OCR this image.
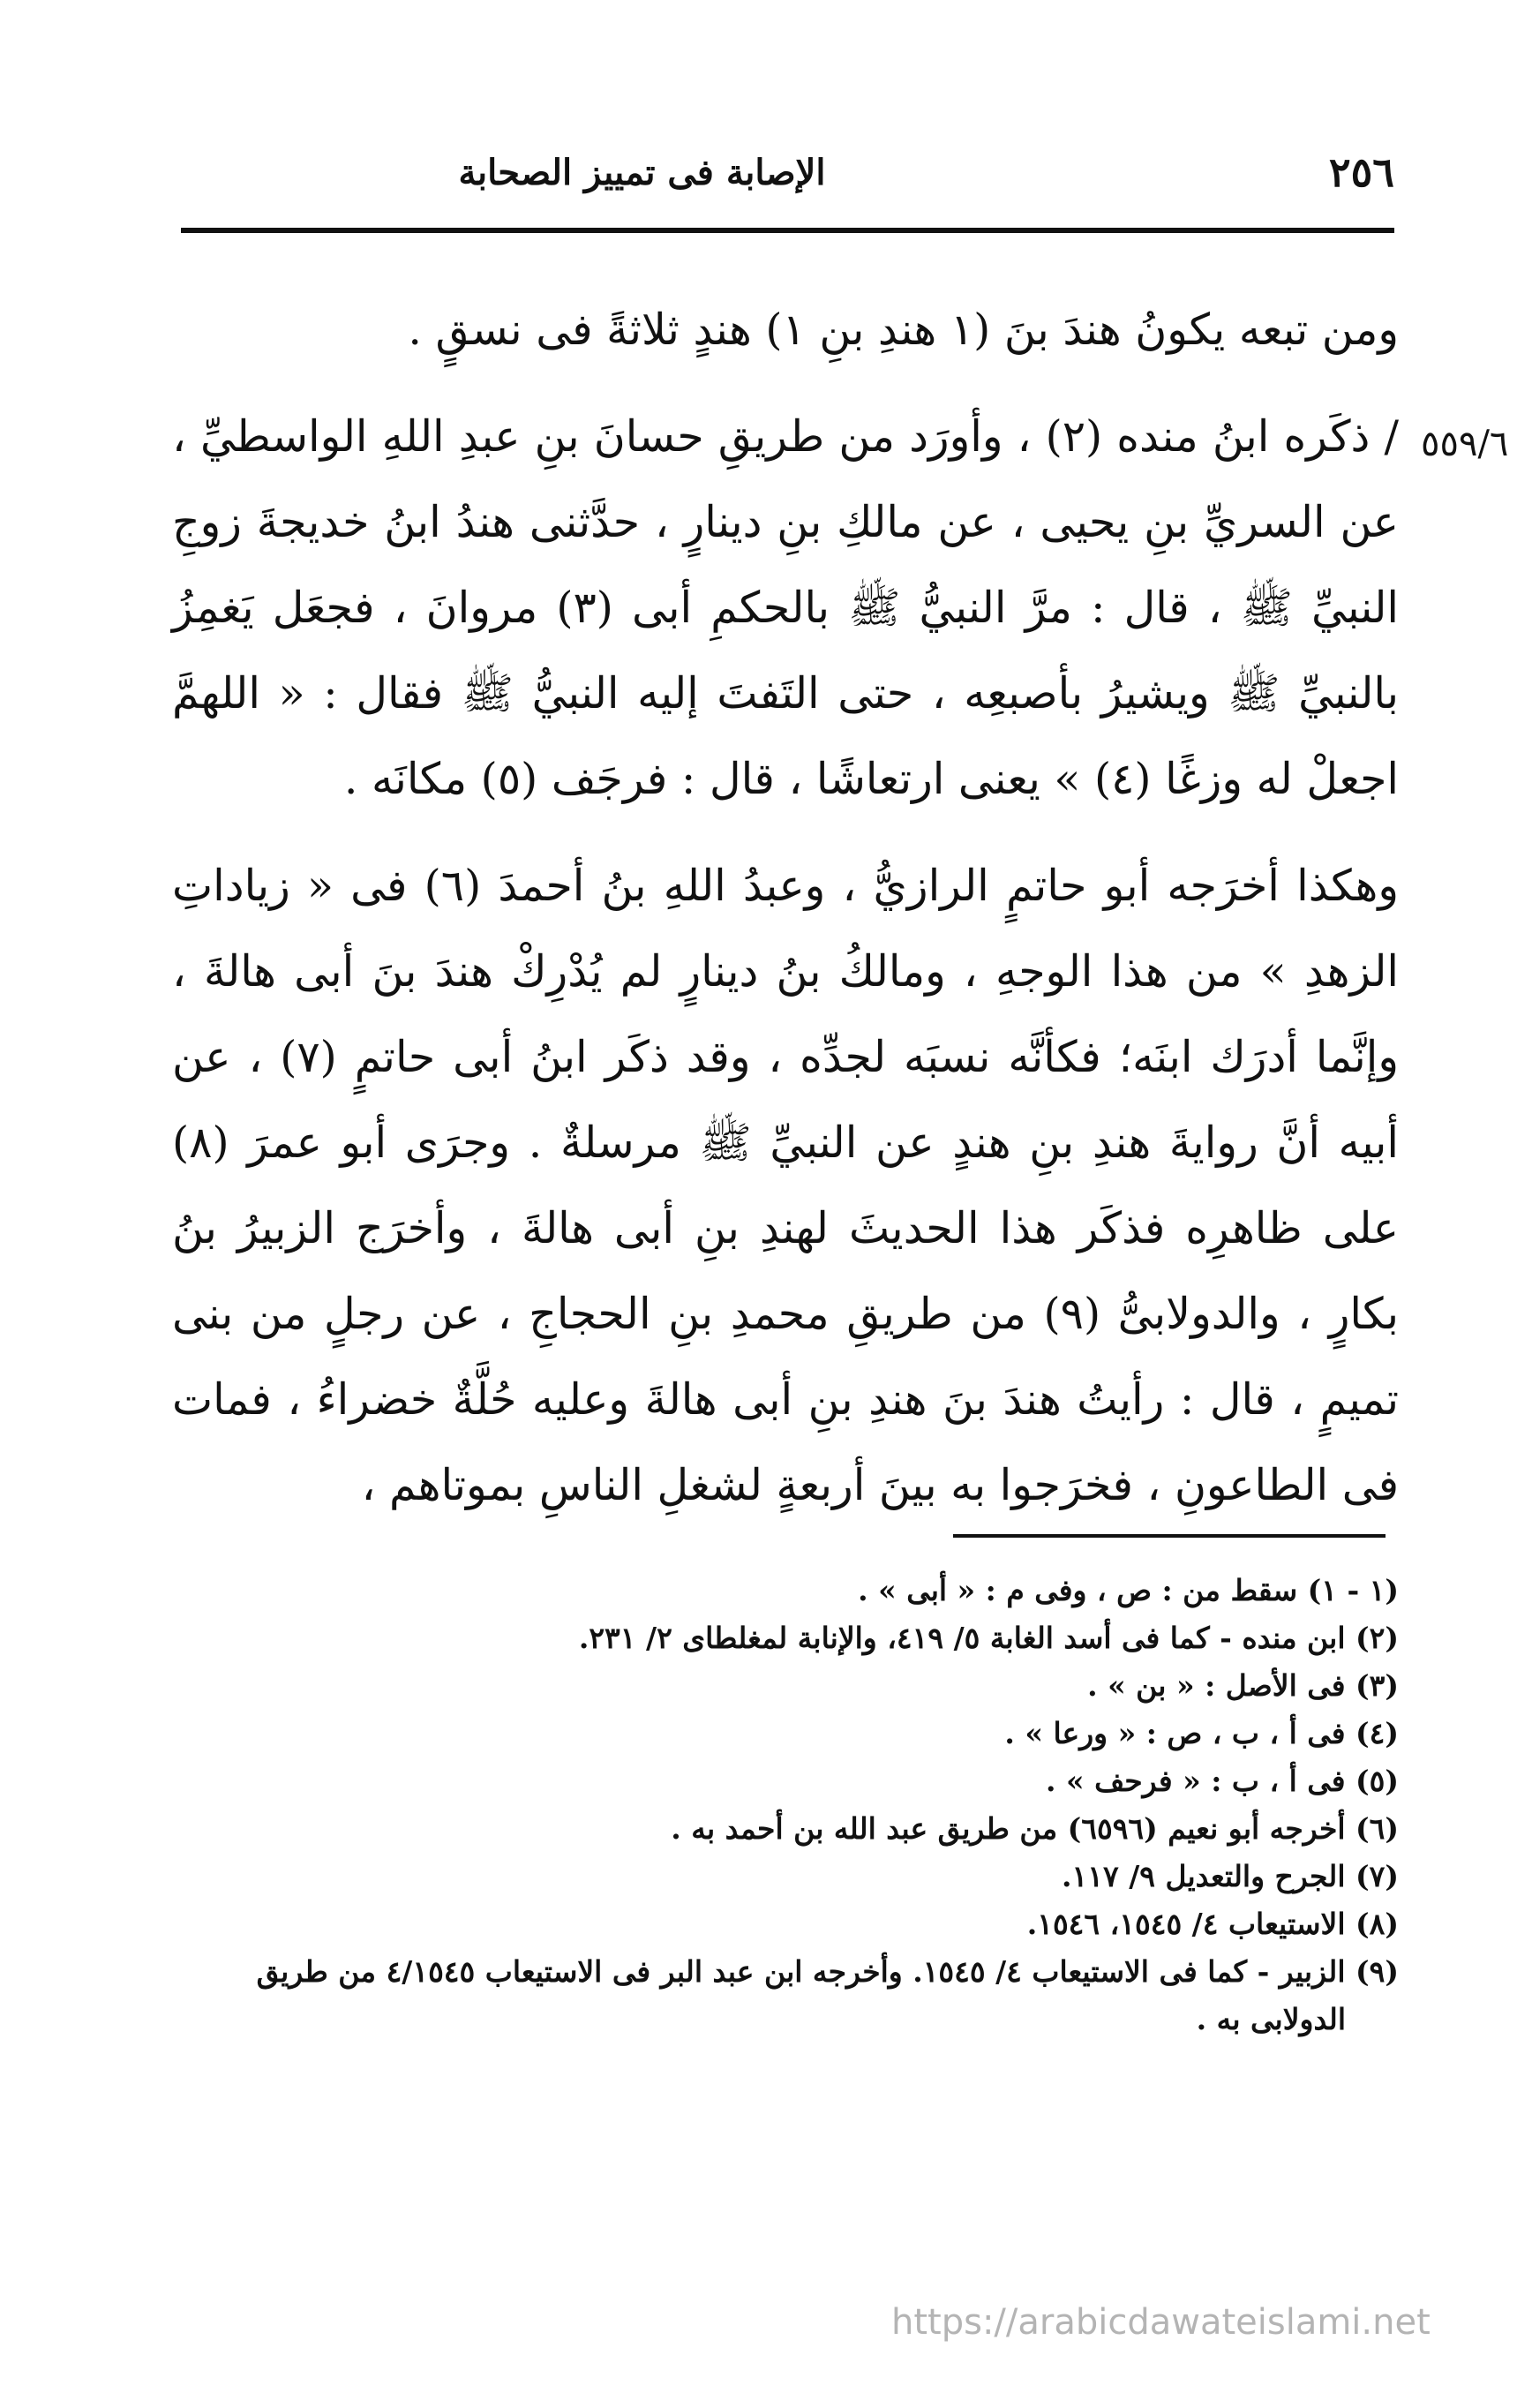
٢٥٦
الإصابة فى تمييز الصحابة
٥٥٩/٦

ومن تبعه يكونُ هندَ بنَ (١ هندِ بنِ ١) هندٍ ثلاثةً فى نسقٍ .

/ ذكَره ابنُ منده (٢) ، وأورَد من طريقِ حسانَ بنِ عبدِ اللهِ الواسطيِّ ، عن السريِّ بنِ يحيى ، عن مالكِ بنِ دينارٍ ، حدَّثنى هندُ ابنُ خديجةَ زوجِ النبيِّ ﷺ ، قال : مرَّ النبيُّ ﷺ بالحكمِ أبى (٣) مروانَ ، فجعَل يَغمِزُ بالنبيِّ ﷺ ويشيرُ بأصبعِه ، حتى التَفتَ إليه النبيُّ ﷺ فقال : « اللهمَّ اجعلْ له وزغًا (٤) » يعنى ارتعاشًا ، قال : فرجَف (٥) مكانَه .

وهكذا أخرَجه أبو حاتمٍ الرازيُّ ، وعبدُ اللهِ بنُ أحمدَ (٦) فى « زياداتِ الزهدِ » من هذا الوجهِ ، ومالكُ بنُ دينارٍ لم يُدْرِكْ هندَ بنَ أبى هالةَ ، وإنَّما أدرَك ابنَه؛ فكأنَّه نسبَه لجدِّه ، وقد ذكَر ابنُ أبى حاتمٍ (٧) ، عن أبيه أنَّ روايةَ هندِ بنِ هندٍ عن النبيِّ ﷺ مرسلةٌ . وجرَى أبو عمرَ (٨) على ظاهرِه فذكَر هذا الحديثَ لهندِ بنِ أبى هالةَ ، وأخرَج الزبيرُ بنُ بكارٍ ، والدولابىُّ (٩) من طريقِ محمدِ بنِ الحجاجِ ، عن رجلٍ من بنى تميمٍ ، قال : رأيتُ هندَ بنَ هندِ بنِ أبى هالةَ وعليه حُلَّةٌ خضراءُ ، فمات فى الطاعونِ ، فخرَجوا به بينَ أربعةٍ لشغلِ الناسِ بموتاهم ،

(١ - ١) سقط من : ص ، وفى م : « أبى » .
(٢) ابن منده - كما فى أسد الغابة ٥/ ٤١٩، والإنابة لمغلطاى ٢/ ٢٣١.
(٣) فى الأصل : « بن » .
(٤) فى أ ، ب ، ص : « ورعا » .
(٥) فى أ ، ب : « فرحف » .
(٦) أخرجه أبو نعيم (٦٥٩٦) من طريق عبد الله بن أحمد به .
(٧) الجرح والتعديل ٩/ ١١٧.
(٨) الاستيعاب ٤/ ١٥٤٥، ١٥٤٦.
(٩) الزبير - كما فى الاستيعاب ٤/ ١٥٤٥. وأخرجه ابن عبد البر فى الاستيعاب ٤/١٥٤٥ من طريق
الدولابى به .
https://arabicdawateislami.net
